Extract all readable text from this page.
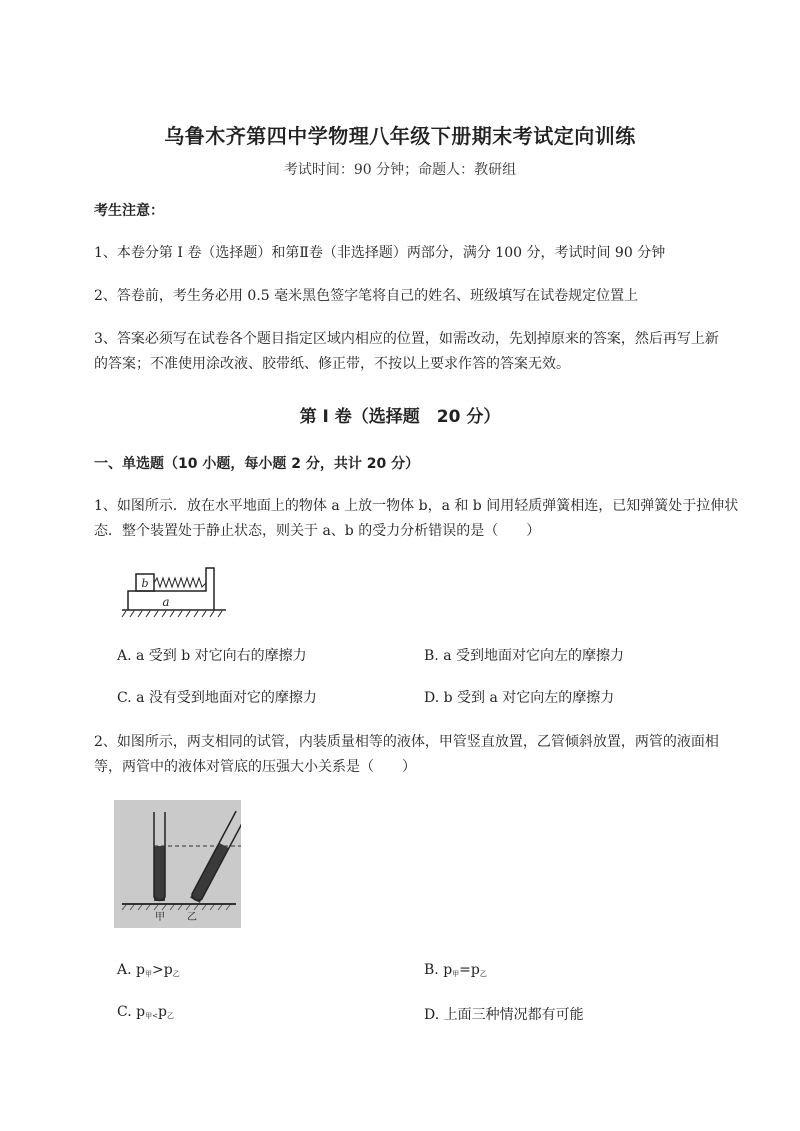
乌鲁木齐第四中学物理八年级下册期末考试定向训练
考试时间：90 分钟；命题人：教研组
考生注意：
1、本卷分第 I 卷（选择题）和第Ⅱ卷（非选择题）两部分，满分 100 分，考试时间 90 分钟
2、答卷前，考生务必用 0.5 毫米黑色签字笔将自己的姓名、班级填写在试卷规定位置上
3、答案必须写在试卷各个题目指定区域内相应的位置，如需改动，先划掉原来的答案，然后再写上新
的答案；不准使用涂改液、胶带纸、修正带，不按以上要求作答的答案无效。
第 I 卷（选择题　20 分）
一、单选题（10 小题，每小题 2 分，共计 20 分）
1、如图所示．放在水平地面上的物体 a 上放一物体 b，a 和 b 间用轻质弹簧相连，已知弹簧处于拉伸状
态．整个装置处于静止状态，则关于 a、b 的受力分析错误的是（　　）
b
a
A. a 受到 b 对它向右的摩擦力	B. a 受到地面对它向左的摩擦力
C. a 没有受到地面对它的摩擦力	D. b 受到 a 对它向左的摩擦力
2、如图所示，两支相同的试管，内装质量相等的液体，甲管竖直放置，乙管倾斜放置，两管的液面相
等，两管中的液体对管底的压强大小关系是（　　）
甲 乙
A. $p_甲>p_乙$	B. $p_甲=p_乙$
C. $p_{甲<}p_乙$	D. 上面三种情况都有可能
